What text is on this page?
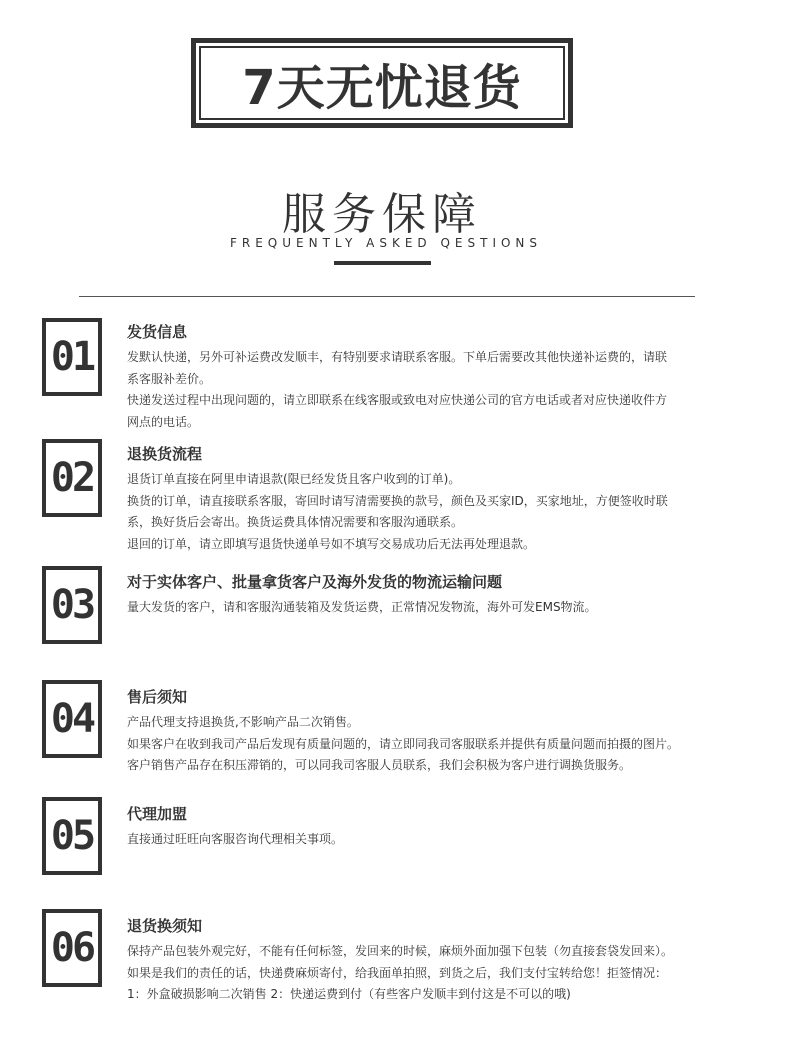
7天无忧退货
服务保障
FREQUENTLY ASKED QESTIONS
01
发货信息

发默认快递，另外可补运费改发顺丰，有特别要求请联系客服。下单后需要改其他快递补运费的，请联

系客服补差价。

快递发送过程中出现问题的，请立即联系在线客服或致电对应快递公司的官方电话或者对应快递收件方

网点的电话。

02
退换货流程

退货订单直接在阿里申请退款(限已经发货且客户收到的订单)。

换货的订单，请直接联系客服，寄回时请写清需要换的款号，颜色及买家ID，买家地址，方便签收时联

系，换好货后会寄出。换货运费具体情况需要和客服沟通联系。

退回的订单，请立即填写退货快递单号如不填写交易成功后无法再处理退款。

03	对于实体客户、批量拿货客户及海外发货的物流运输问题

量大发货的客户，请和客服沟通装箱及发货运费，正常情况发物流，海外可发EMS物流。

04	售后须知

产品代理支持退换货,不影响产品二次销售。

如果客户在收到我司产品后发现有质量问题的，请立即同我司客服联系并提供有质量问题而拍摄的图片。

客户销售产品存在积压滞销的，可以同我司客服人员联系，我们会积极为客户进行调换货服务。

05	代理加盟

直接通过旺旺向客服咨询代理相关事项。

06	退货换须知

保持产品包装外观完好，不能有任何标签，发回来的时候，麻烦外面加强下包装（勿直接套袋发回来）。

如果是我们的责任的话，快递费麻烦寄付，给我面单拍照，到货之后，我们支付宝转给您！拒签情况：

1：外盒破损影响二次销售 2：快递运费到付（有些客户发顺丰到付这是不可以的哦)
